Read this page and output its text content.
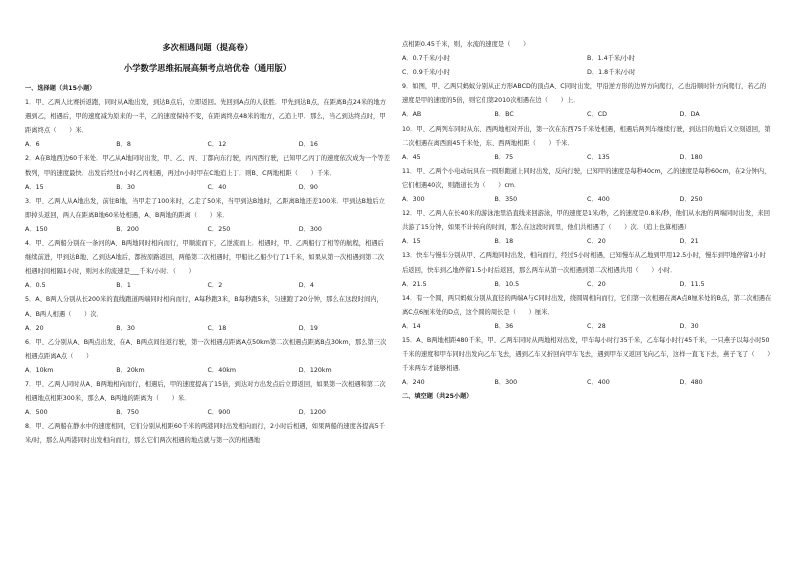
多次相遇问题（提高卷）
小学数学思维拓展高频考点培优卷（通用版）

一、选择题（共15小题）

1．甲、乙两人比赛折返跑，同时从A地出发，到达B点后，立即返回。先回到A点的人获胜．甲先到达B点，在距离B点24米的地方遇到乙，相遇后，甲的速度减为原来的一半，乙的速度保持不变，在距离终点48米的地方，乙追上甲．那么，当乙到达终点时，甲距离终点（　　）米．

A．6	B．8	C．12	D．16

2．A在B地西边60千米处．甲乙从A地同时出发，甲、乙、丙、丁都向东行驶，丙丙西行驶，已知甲乙丙丁的速度依次成为一个等差数列，甲的速度最快．出发后经过n小时乙丙相遇，再过n小时甲在C地追上丁．则B、C两地相距（　　）千米．

A．15	B．30	C．40	D．90

3．甲、乙两人从A地出发，前往B地，当甲走了100米时，乙走了50米，当甲到达B地时，乙距离B地还差100米．甲到达B地后立即掉头返回，两人在距离B地60米处相遇，A、B两地的距离（　　）米．

A．150	B．200	C．250	D．300

4．甲、乙两船分别在一条河的A、B两地同时相向而行，甲顺流而下，乙逆流而上．相遇时，甲、乙两船行了相等的航程，相遇后继续前进，甲到达B地、乙到达A地后，都按原路返回，两船第二次相遇时，甲船比乙船少行了1千米，如果从第一次相遇到第二次相遇时间相隔1小时，则河水的流速是___千米/小时．（　　）

A．0.5	B．1	C．2	D．4

5．A、B两人分别从长200米的直线跑道两端同时相向而行，A每秒跑3米，B每秒跑5米，匀速跑了20分钟，那么在这段时间内，A、B两人相遇（　　）次．

A．20	B．30	C．18	D．19

6．甲、乙分别从A、B两点出发，在A、B两点间往返行驶，第一次相遇点距离A点50km第二次相遇点距离B点30km，那么第三次相遇点距离A点（　　）

A．10km	B．20km	C．40km	D．120km

7．甲、乙两人同时从A、B两地相向而行，相遇后，甲的速度提高了15倍，到达对方出发点后立即返回，如果第一次相遇和第二次相遇地点相距300米，那么A、B两地的距离为（　　）米．

A．500	B．750	C．900	D．1200

8．甲、乙两船在静水中的速度相同，它们分别从相距60千米的两港同时出发相向而行，2小时后相遇，如果两船的速度各提高5千米/时，那么从两港同时出发相向而行，那么它们两次相遇的地点就与第一次的相遇地

点相距0.45千米，则，水流的速度是（　　）

A．0.7千米/小时	B．1.4千米/小时
C．0.9千米/小时	D．1.8千米/小时

9．如图，甲、乙两只蚂蚁分别从正方形ABCD的顶点A、C同时出发，甲沿逆方形的边界方向爬行，乙也沿顺时针方向爬行，若乙的速度是甲的速度的5倍，则它们第2010次相遇在边（　　）上．

A．AB	B．BC	C．CD	D．DA

10．甲、乙两列车同时从东、西两地相对开出，第一次在东西75千米处相遇，相遇后两列车继续行驶，到达目的地后又立刻返回，第二次相遇在离西面45千米处，东、西两地相距（　　）千米．

A．45	B．75	C．135	D．180

11．甲、乙两个小电动玩具在一圆形跑道上同时出发，反向行驶，已知甲的速度是每秒40cm，乙的速度是每秒60cm，在2分钟内，它们相遇40次，则跑道长为（　　）cm．

A．300	B．350	C．400	D．250

12．甲、乙两人在长40米的游泳池里沿直线来回游泳，甲的速度是1米/秒，乙的速度是0.8米/秒，他们从水池的两端同时出发，来回共游了15分钟，如果不计转向的时间，那么在这段时间里，他们共相遇了（　　）次．（追上也算相遇）

A．15	B．18	C．20	D．21

13．快车与慢车分别从甲、乙两地同时出发，相向而行，经过5小时相遇，已知慢车从乙地到甲用12.5小时，慢车到甲地停留1小时后返回，快车到乙地停留1.5小时后返回，那么两车从第一次相遇到第二次相遇共用（　　）小时．

A．21.5	B．10.5	C．20	D．11.5

14．有一个圆，两只蚂蚁分别从直径的两端A与C同时出发，绕圆周相向而行，它们第一次相遇在离A点8厘米处的B点，第二次相遇在离C点6厘米处的D点，这个圆的周长是（　　）厘米．

A．14	B．36	C．28	D．30

15．A、B两地相距480千米，甲、乙两车同时从两地相对出发，甲车每小时行35千米，乙车每小时行45千米，一只燕子以每小时50千米的速度和甲车同时出发向乙车飞去，遇到乙车又折回向甲车飞去，遇到甲车又返回飞向乙车，这样一直飞下去，燕子飞了（　　）千米两车才能够相遇．

A．240	B．300	C．400	D．480

二、填空题（共25小题）
